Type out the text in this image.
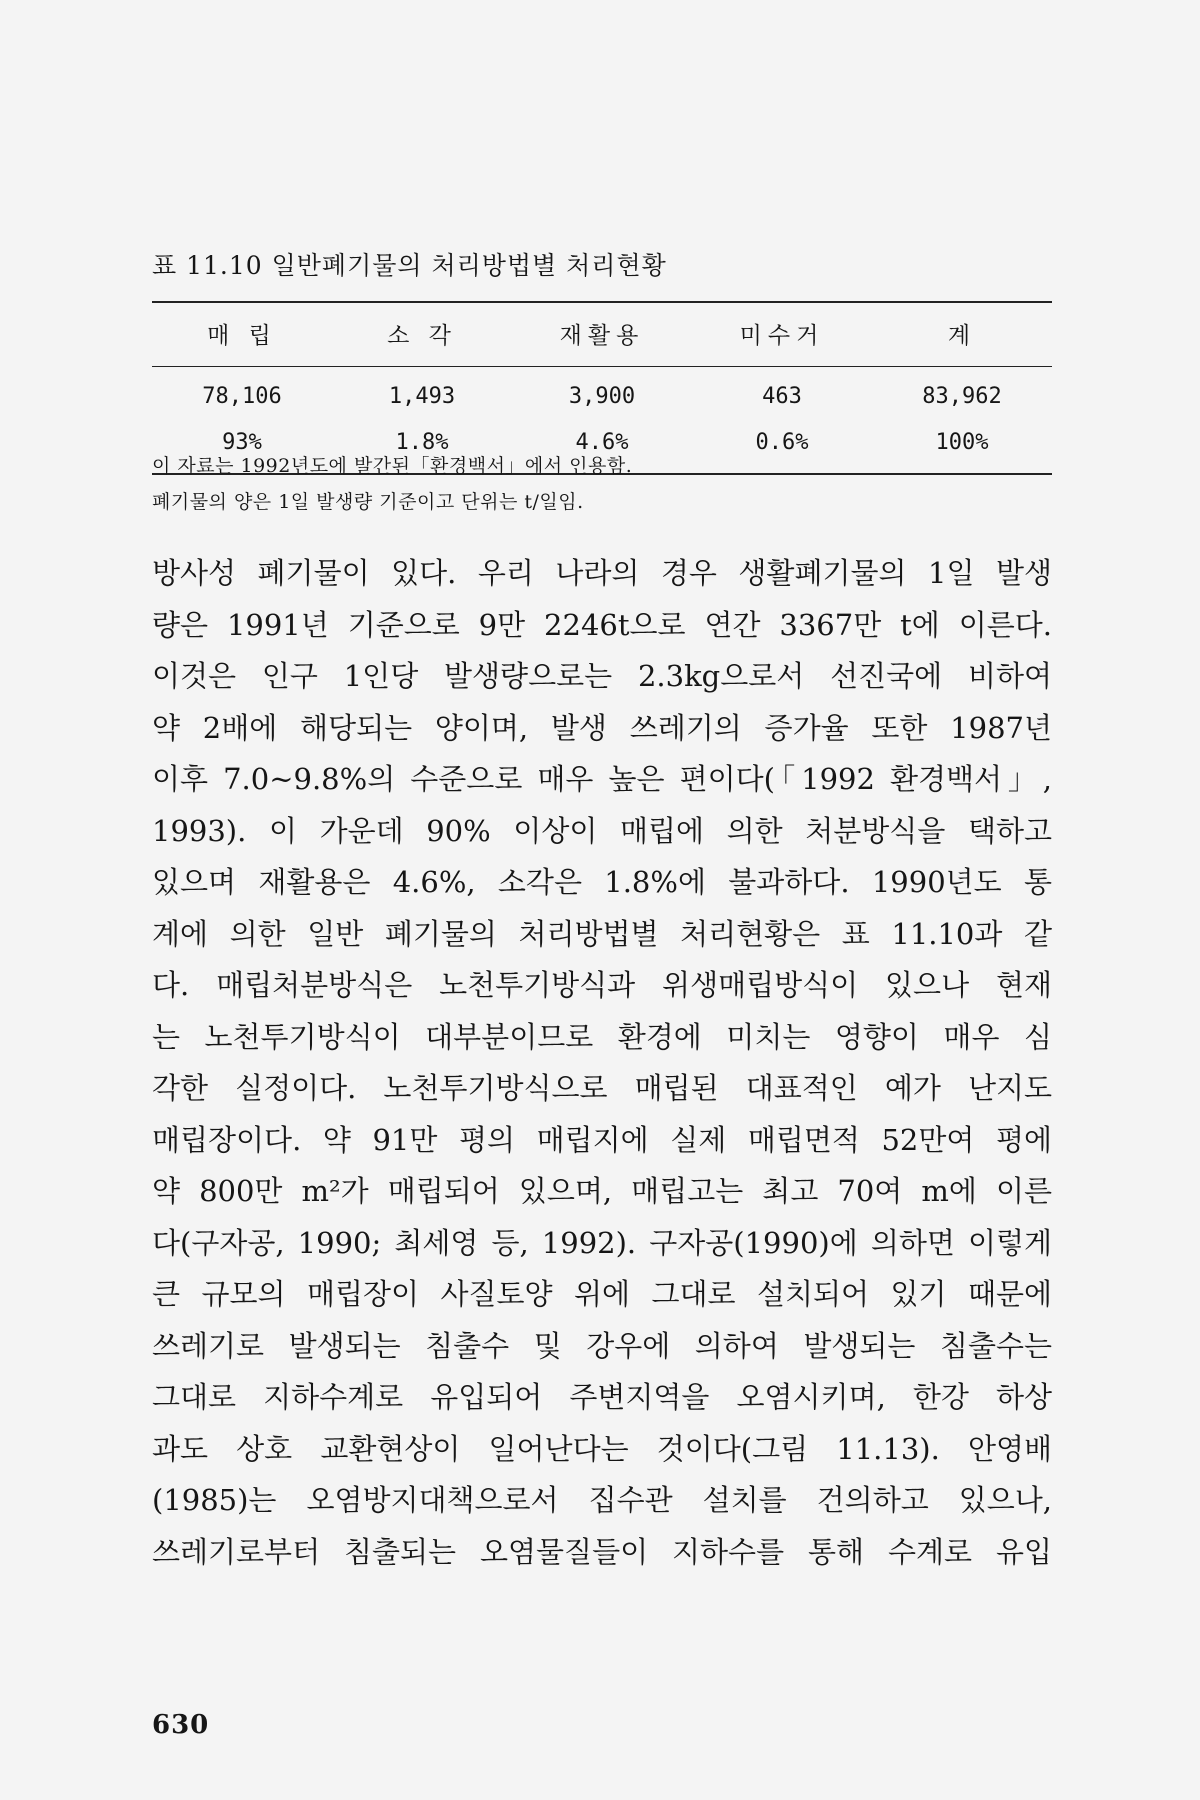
표 11.10 일반폐기물의 처리방법별 처리현황
매 립	소 각	재활용	미수거	계
78,106	1,493	3,900	463	83,962
93%	1.8%	4.6%	0.6%	100%
이 자료는 1992년도에 발간된「환경백서」에서 인용함.
폐기물의 양은 1일 발생량 기준이고 단위는 t/일임.
방사성 폐기물이 있다. 우리 나라의 경우 생활폐기물의 1일 발생
량은 1991년 기준으로 9만 2246t으로 연간 3367만 t에 이른다.
이것은 인구 1인당 발생량으로는 2.3kg으로서 선진국에 비하여
약 2배에 해당되는 양이며, 발생 쓰레기의 증가율 또한 1987년
이후 7.0~9.8%의 수준으로 매우 높은 편이다(「1992 환경백서」,
1993). 이 가운데 90% 이상이 매립에 의한 처분방식을 택하고
있으며 재활용은 4.6%, 소각은 1.8%에 불과하다. 1990년도 통
계에 의한 일반 폐기물의 처리방법별 처리현황은 표 11.10과 같
다. 매립처분방식은 노천투기방식과 위생매립방식이 있으나 현재
는 노천투기방식이 대부분이므로 환경에 미치는 영향이 매우 심
각한 실정이다. 노천투기방식으로 매립된 대표적인 예가 난지도
매립장이다. 약 91만 평의 매립지에 실제 매립면적 52만여 평에
약 800만 m²가 매립되어 있으며, 매립고는 최고 70여 m에 이른
다(구자공, 1990; 최세영 등, 1992). 구자공(1990)에 의하면 이렇게
큰 규모의 매립장이 사질토양 위에 그대로 설치되어 있기 때문에
쓰레기로 발생되는 침출수 및 강우에 의하여 발생되는 침출수는
그대로 지하수계로 유입되어 주변지역을 오염시키며, 한강 하상
과도 상호 교환현상이 일어난다는 것이다(그림 11.13). 안영배
(1985)는 오염방지대책으로서 집수관 설치를 건의하고 있으나,
쓰레기로부터 침출되는 오염물질들이 지하수를 통해 수계로 유입
630
